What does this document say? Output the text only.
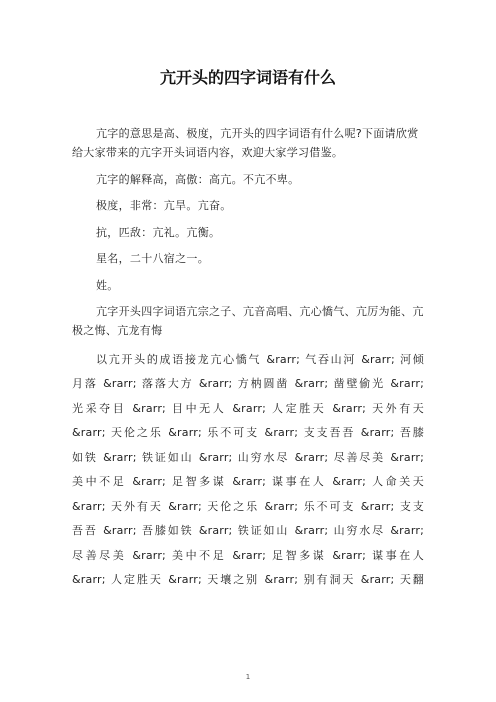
亢开头的四字词语有什么

亢字的意思是高、极度，亢开头的四字词语有什么呢?下面请欣赏 给大家带来的亢字开头词语内容，欢迎大家学习借鉴。

亢字的解释高，高傲：高亢。不亢不卑。

极度，非常：亢旱。亢奋。

抗，匹敌：亢礼。亢衡。

星名，二十八宿之一。

姓。

亢字开头四字词语亢宗之子、亢音高唱、亢心憍气、亢厉为能、亢极之悔、亢龙有悔

以亢开头的成语接龙亢心憍气 &rarr; 气吞山河 &rarr; 河倾
月落 &rarr; 落落大方 &rarr; 方枘圆凿 &rarr; 凿壁偷光 &rarr;
光采夺目 &rarr; 目中无人 &rarr; 人定胜天 &rarr; 天外有天
&rarr; 天伦之乐 &rarr; 乐不可支 &rarr; 支支吾吾 &rarr; 吾膝
如铁 &rarr; 铁证如山 &rarr; 山穷水尽 &rarr; 尽善尽美 &rarr;
美中不足 &rarr; 足智多谋 &rarr; 谋事在人 &rarr; 人命关天
&rarr; 天外有天 &rarr; 天伦之乐 &rarr; 乐不可支 &rarr; 支支
吾吾 &rarr; 吾膝如铁 &rarr; 铁证如山 &rarr; 山穷水尽 &rarr;
尽善尽美 &rarr; 美中不足 &rarr; 足智多谋 &rarr; 谋事在人
&rarr; 人定胜天 &rarr; 天壤之别 &rarr; 别有洞天 &rarr; 天翻
1
